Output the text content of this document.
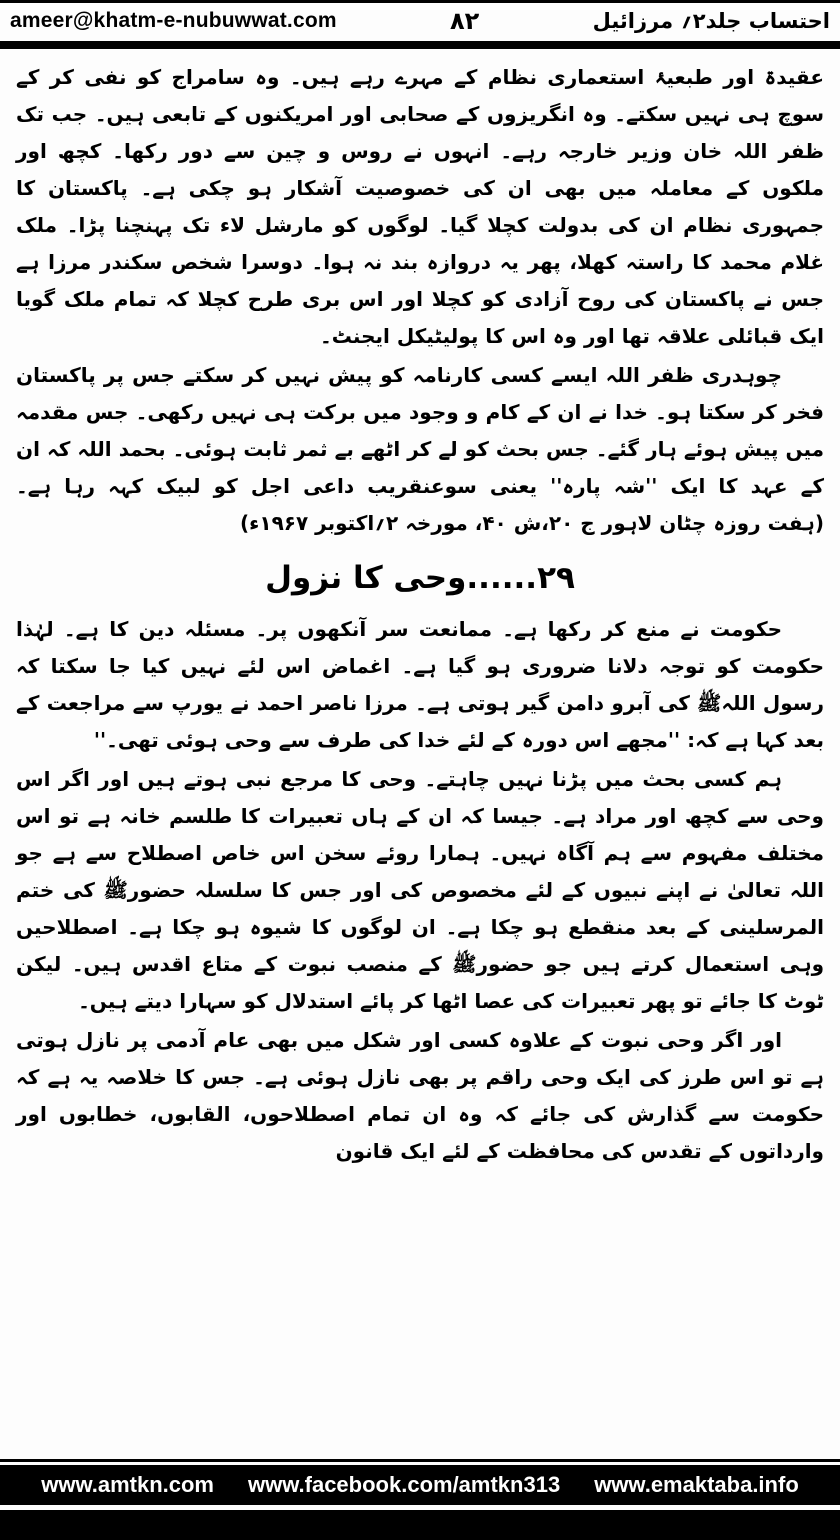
ameer@khatm-e-nubuwwat.com	۸۲	احتساب جلد۲؍ مرزائیل

عقیدۃ اور طبعیۂ استعماری نظام کے مہرے رہے ہیں۔ وہ سامراج کو نفی کر کے سوچ ہی نہیں سکتے۔ وہ انگریزوں کے صحابی اور امریکنوں کے تابعی ہیں۔ جب تک ظفر اللہ خان وزیر خارجہ رہے۔ انہوں نے روس و چین سے دور رکھا۔ کچھ اور ملکوں کے معاملہ میں بھی ان کی خصوصیت آشکار ہو چکی ہے۔ پاکستان کا جمہوری نظام ان کی بدولت کچلا گیا۔ لوگوں کو مارشل لاء تک پہنچنا پڑا۔ ملک غلام محمد کا راستہ کھلا، پھر یہ دروازہ بند نہ ہوا۔ دوسرا شخص سکندر مرزا ہے جس نے پاکستان کی روح آزادی کو کچلا اور اس بری طرح کچلا کہ تمام ملک گویا ایک قبائلی علاقہ تھا اور وہ اس کا پولیٹیکل ایجنٹ۔

چوہدری ظفر اللہ ایسے کسی کارنامہ کو پیش نہیں کر سکتے جس پر پاکستان فخر کر سکتا ہو۔ خدا نے ان کے کام و وجود میں برکت ہی نہیں رکھی۔ جس مقدمہ میں پیش ہوئے ہار گئے۔ جس بحث کو لے کر اٹھے بے ثمر ثابت ہوئی۔ بحمد اللہ کہ ان کے عہد کا ایک ''شہ پارہ'' یعنی سوعنقریب داعی اجل کو لبیک کہہ رہا ہے۔ (ہفت روزہ چٹان لاہور ج ۲۰،ش ۴۰، مورخہ ۲؍اکتوبر ۱۹۶۷ء)

۲۹......وحی کا نزول

حکومت نے منع کر رکھا ہے۔ ممانعت سر آنکھوں پر۔ مسئلہ دین کا ہے۔ لہٰذا حکومت کو توجہ دلانا ضروری ہو گیا ہے۔ اغماض اس لئے نہیں کیا جا سکتا کہ رسول اللہﷺ کی آبرو دامن گیر ہوتی ہے۔ مرزا ناصر احمد نے یورپ سے مراجعت کے بعد کہا ہے کہ: ''مجھے اس دورہ کے لئے خدا کی طرف سے وحی ہوئی تھی۔''

ہم کسی بحث میں پڑنا نہیں چاہتے۔ وحی کا مرجع نبی ہوتے ہیں اور اگر اس وحی سے کچھ اور مراد ہے۔ جیسا کہ ان کے ہاں تعبیرات کا طلسم خانہ ہے تو اس مختلف مفہوم سے ہم آگاہ نہیں۔ ہمارا روئے سخن اس خاص اصطلاح سے ہے جو اللہ تعالیٰ نے اپنے نبیوں کے لئے مخصوص کی اور جس کا سلسلہ حضورﷺ کی ختم المرسلینی کے بعد منقطع ہو چکا ہے۔ ان لوگوں کا شیوہ ہو چکا ہے۔ اصطلاحیں وہی استعمال کرتے ہیں جو حضورﷺ کے منصب نبوت کے متاع اقدس ہیں۔ لیکن ٹوٹ کا جائے تو پھر تعبیرات کی عصا اٹھا کر پائے استدلال کو سہارا دیتے ہیں۔

اور اگر وحی نبوت کے علاوہ کسی اور شکل میں بھی عام آدمی پر نازل ہوتی ہے تو اس طرز کی ایک وحی راقم پر بھی نازل ہوئی ہے۔ جس کا خلاصہ یہ ہے کہ حکومت سے گذارش کی جائے کہ وہ ان تمام اصطلاحوں، القابوں، خطابوں اور وارداتوں کے تقدس کی محافظت کے لئے ایک قانون

www.amtkn.com www.facebook.com/amtkn313 www.emaktaba.info
